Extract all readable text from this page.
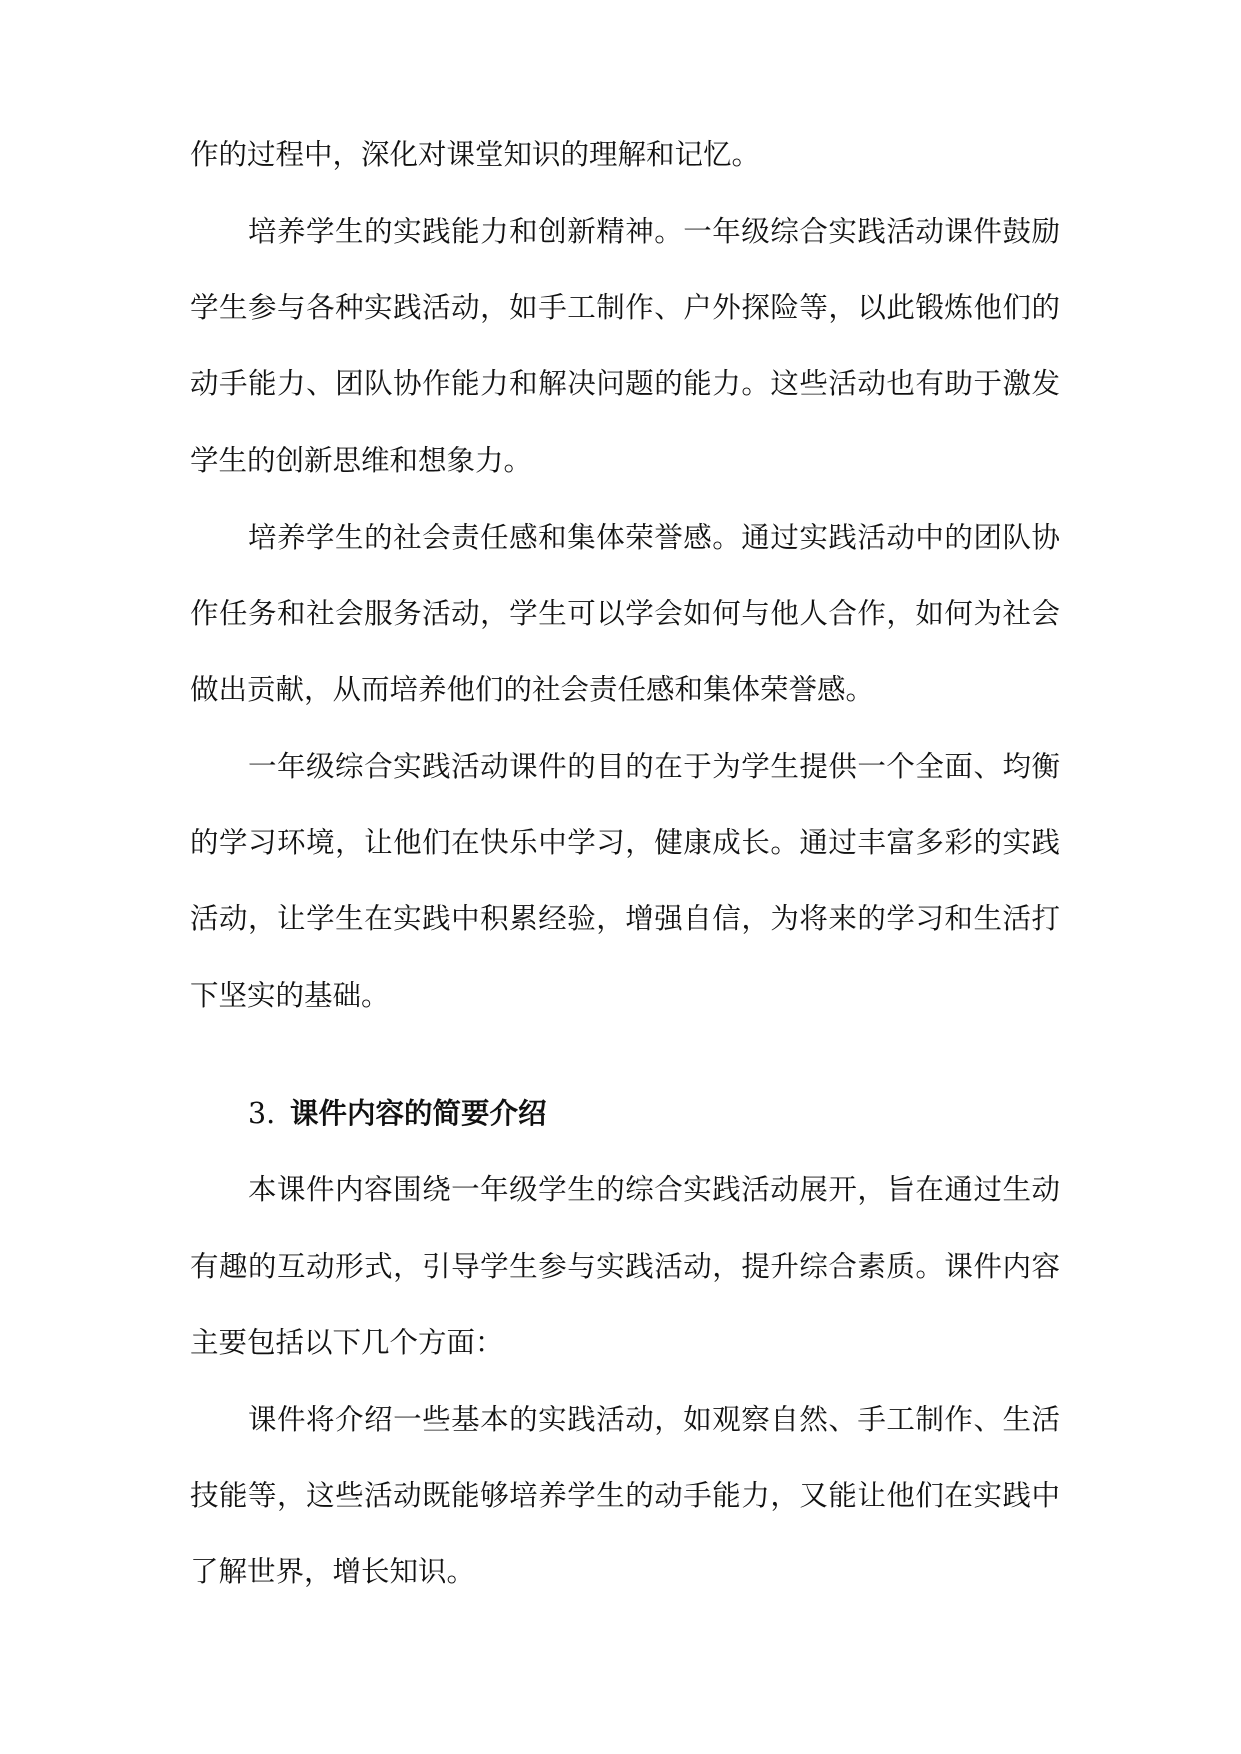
作的过程中，深化对课堂知识的理解和记忆。
培养学生的实践能力和创新精神。一年级综合实践活动课件鼓励
学生参与各种实践活动，如手工制作、户外探险等，以此锻炼他们的
动手能力、团队协作能力和解决问题的能力。这些活动也有助于激发
学生的创新思维和想象力。
培养学生的社会责任感和集体荣誉感。通过实践活动中的团队协
作任务和社会服务活动，学生可以学会如何与他人合作，如何为社会
做出贡献，从而培养他们的社会责任感和集体荣誉感。
一年级综合实践活动课件的目的在于为学生提供一个全面、均衡
的学习环境，让他们在快乐中学习，健康成长。通过丰富多彩的实践
活动，让学生在实践中积累经验，增强自信，为将来的学习和生活打
下坚实的基础。
3. 课件内容的简要介绍
本课件内容围绕一年级学生的综合实践活动展开，旨在通过生动
有趣的互动形式，引导学生参与实践活动，提升综合素质。课件内容
主要包括以下几个方面：
课件将介绍一些基本的实践活动，如观察自然、手工制作、生活
技能等，这些活动既能够培养学生的动手能力，又能让他们在实践中
了解世界，增长知识。
